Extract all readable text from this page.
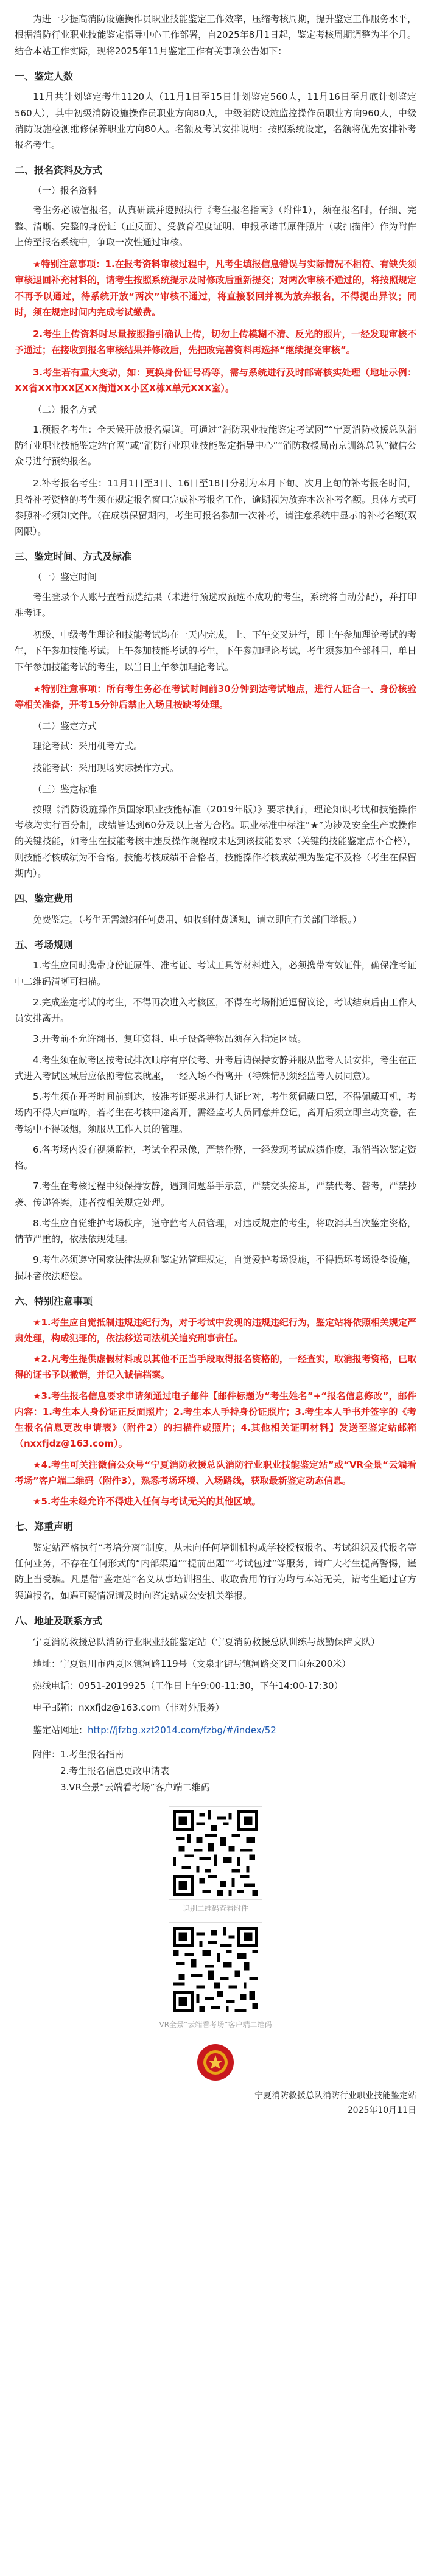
为进一步提高消防设施操作员职业技能鉴定工作效率，压缩考核周期，提升鉴定工作服务水平，根据消防行业职业技能鉴定指导中心工作部署，自2025年8月1日起，鉴定考核周期调整为半个月。结合本站工作实际，现将2025年11月鉴定工作有关事项公告如下：

一、鉴定人数

11月共计划鉴定考生1120人（11月1日至15日计划鉴定560人，11月16日至月底计划鉴定560人），其中初级消防设施操作员职业方向80人，中级消防设施监控操作员职业方向960人，中级消防设施检测维修保养职业方向80人。名额及考试安排说明：按照系统设定，名额将优先安排补考报名考生。

二、报名资料及方式
（一）报名资料

考生务必诚信报名，认真研读并遵照执行《考生报名指南》（附件1），须在报名时，仔细、完整、清晰、完整的身份证（正反面）、受教育程度证明、申报承诺书原件照片（或扫描件）作为附件上传至报名系统中，争取一次性通过审核。

★特别注意事项：1.在报考资料审核过程中，凡考生填报信息错误与实际情况不相符、有缺失须审核退回补充材料的，请考生按照系统提示及时修改后重新提交；对两次审核不通过的，将按照规定不再予以通过，待系统开放“两次”审核不通过，将直接驳回并视为放弃报名，不得提出异议；同时，须在规定时间内完成考试缴费。

2.考生上传资料时尽量按照指引确认上传，切勿上传模糊不清、反光的照片，一经发现审核不予通过；在接收到报名审核结果并修改后，先把改完善资料再选择“继续提交审核”。

3.考生若有重大变动，如：更换身份证号码等，需与系统进行及时邮寄核实处理（地址示例：XX省XX市XX区XX街道XX小区X栋X单元XXX室）。

（二）报名方式

1.预报名考生：全天候开放报名渠道。可通过“消防职业技能鉴定考试网”“宁夏消防救援总队消防行业职业技能鉴定站官网”或“消防行业职业技能鉴定指导中心”“消防救援局南京训练总队”微信公众号进行预约报名。

2.补考报名考生：11月1日至3日、16日至18日分别为本月下旬、次月上旬的补考报名时间，具备补考资格的考生须在规定报名窗口完成补考报名工作，逾期视为放弃本次补考名额。具体方式可参照补考须知文件。（在成绩保留期内，考生可报名参加一次补考，请注意系统中显示的补考名额(双网限）。

三、鉴定时间、方式及标准
（一）鉴定时间

考生登录个人账号查看预选结果（未进行预选或预选不成功的考生，系统将自动分配），并打印准考证。

初级、中级考生理论和技能考试均在一天内完成，上、下午交叉进行，即上午参加理论考试的考生，下午参加技能考试；上午参加技能考试的考生，下午参加理论考试，考生须参加全部科目，单日下午参加技能考试的考生，以当日上午参加理论考试。

★特别注意事项：所有考生务必在考试时间前30分钟到达考试地点，进行人证合一、身份核验等相关准备，开考15分钟后禁止入场且按缺考处理。

（二）鉴定方式

理论考试：采用机考方式。

技能考试：采用现场实际操作方式。

（三）鉴定标准

按照《消防设施操作员国家职业技能标准（2019年版）》要求执行，理论知识考试和技能操作考核均实行百分制，成绩皆达到60分及以上者为合格。职业标准中标注“★”为涉及安全生产或操作的关键技能，如考生在技能考核中违反操作规程或未达到该技能要求（关键的技能鉴定点不合格），则技能考核成绩为不合格。技能考核成绩不合格者，技能操作考核成绩视为鉴定不及格（考生在保留期内）。

四、鉴定费用

免费鉴定。（考生无需缴纳任何费用，如收到付费通知，请立即向有关部门举报。）

五、考场规则
1.考生应同时携带身份证原件、准考证、考试工具等材料进入，必须携带有效证件，确保准考证中二维码清晰可扫描。
2.完成鉴定考试的考生，不得再次进入考核区，不得在考场附近逗留议论，考试结束后由工作人员安排离开。
3.开考前不允许翻书、复印资料、电子设备等物品须存入指定区域。
4.考生须在候考区按考试排次顺序有序候考、开考后请保持安静并服从监考人员安排，考生在正式进入考试区域后应依照考位表就座，一经入场不得离开（特殊情况须经监考人员同意）。
5.考生须在开考时间前到达，按准考证要求进行人证比对，考生须佩戴口罩，不得佩戴耳机，考场内不得大声喧哗，若考生在考核中途离开，需经监考人员同意并登记，离开后须立即主动交卷，在考场中不得吸烟，须服从工作人员的管理。
6.各考场内设有视频监控，考试全程录像，严禁作弊，一经发现考试成绩作废，取消当次鉴定资格。
7.考生在考核过程中须保持安静，遇到问题举手示意，严禁交头接耳，严禁代考、替考，严禁抄袭、传递答案，违者按相关规定处理。
8.考生应自觉维护考场秩序，遵守监考人员管理，对违反规定的考生，将取消其当次鉴定资格，情节严重的，依法依规处理。
9.考生必须遵守国家法律法规和鉴定站管理规定，自觉爱护考场设施，不得损坏考场设备设施，损坏者依法赔偿。
六、特别注意事项
★1.考生应自觉抵制违规违纪行为，对于考试中发现的违规违纪行为，鉴定站将依照相关规定严肃处理，构成犯罪的，依法移送司法机关追究刑事责任。
★2.凡考生提供虚假材料或以其他不正当手段取得报名资格的，一经查实，取消报考资格，已取得的证书予以撤销，并记入诚信档案。
★3.考生报名信息要求申请须通过电子邮件【邮件标题为“考生姓名”+“报名信息修改”，邮件内容：1.考生本人身份证正反面照片；2.考生本人手持身份证照片；3.考生本人手书并签字的《考生报名信息更改申请表》（附件2）的扫描件或照片；4.其他相关证明材料】发送至鉴定站邮箱（nxxfjdz@163.com）。
★4.考生可关注微信公众号“宁夏消防救援总队消防行业职业技能鉴定站”或“VR全景“云端看考场”客户端二维码（附件3），熟悉考场环境、入场路线，获取最新鉴定动态信息。
★5.考生未经允许不得进入任何与考试无关的其他区域。
七、郑重声明

鉴定站严格执行“考培分离”制度，从未向任何培训机构或学校授权报名、考试组织及代报名等任何业务，不存在任何形式的“内部渠道”“提前出题”“考试包过”等服务，请广大考生提高警惕，谨防上当受骗。凡是借“鉴定站”名义从事培训招生、收取费用的行为均与本站无关，请考生通过官方渠道报名，如遇可疑情况请及时向鉴定站或公安机关举报。

八、地址及联系方式

宁夏消防救援总队消防行业职业技能鉴定站（宁夏消防救援总队训练与战勤保障支队）

地址：宁夏银川市西夏区镇河路119号（文泉北街与镇河路交叉口向东200米）

热线电话：0951-2019925（工作日上午9:00-11:30，下午14:00-17:30）

电子邮箱：nxxfjdz@163.com（非对外服务）

鉴定站网址：http://jfzbg.xzt2014.com/fzbg/#/index/52

附件：1.考生报名指南

2.考生报名信息更改申请表

3.VR全景“云端看考场”客户端二维码

识别二维码查看附件
VR全景“云端看考场”客户端二维码
宁夏消防救援总队消防行业职业技能鉴定站
2025年10月11日
